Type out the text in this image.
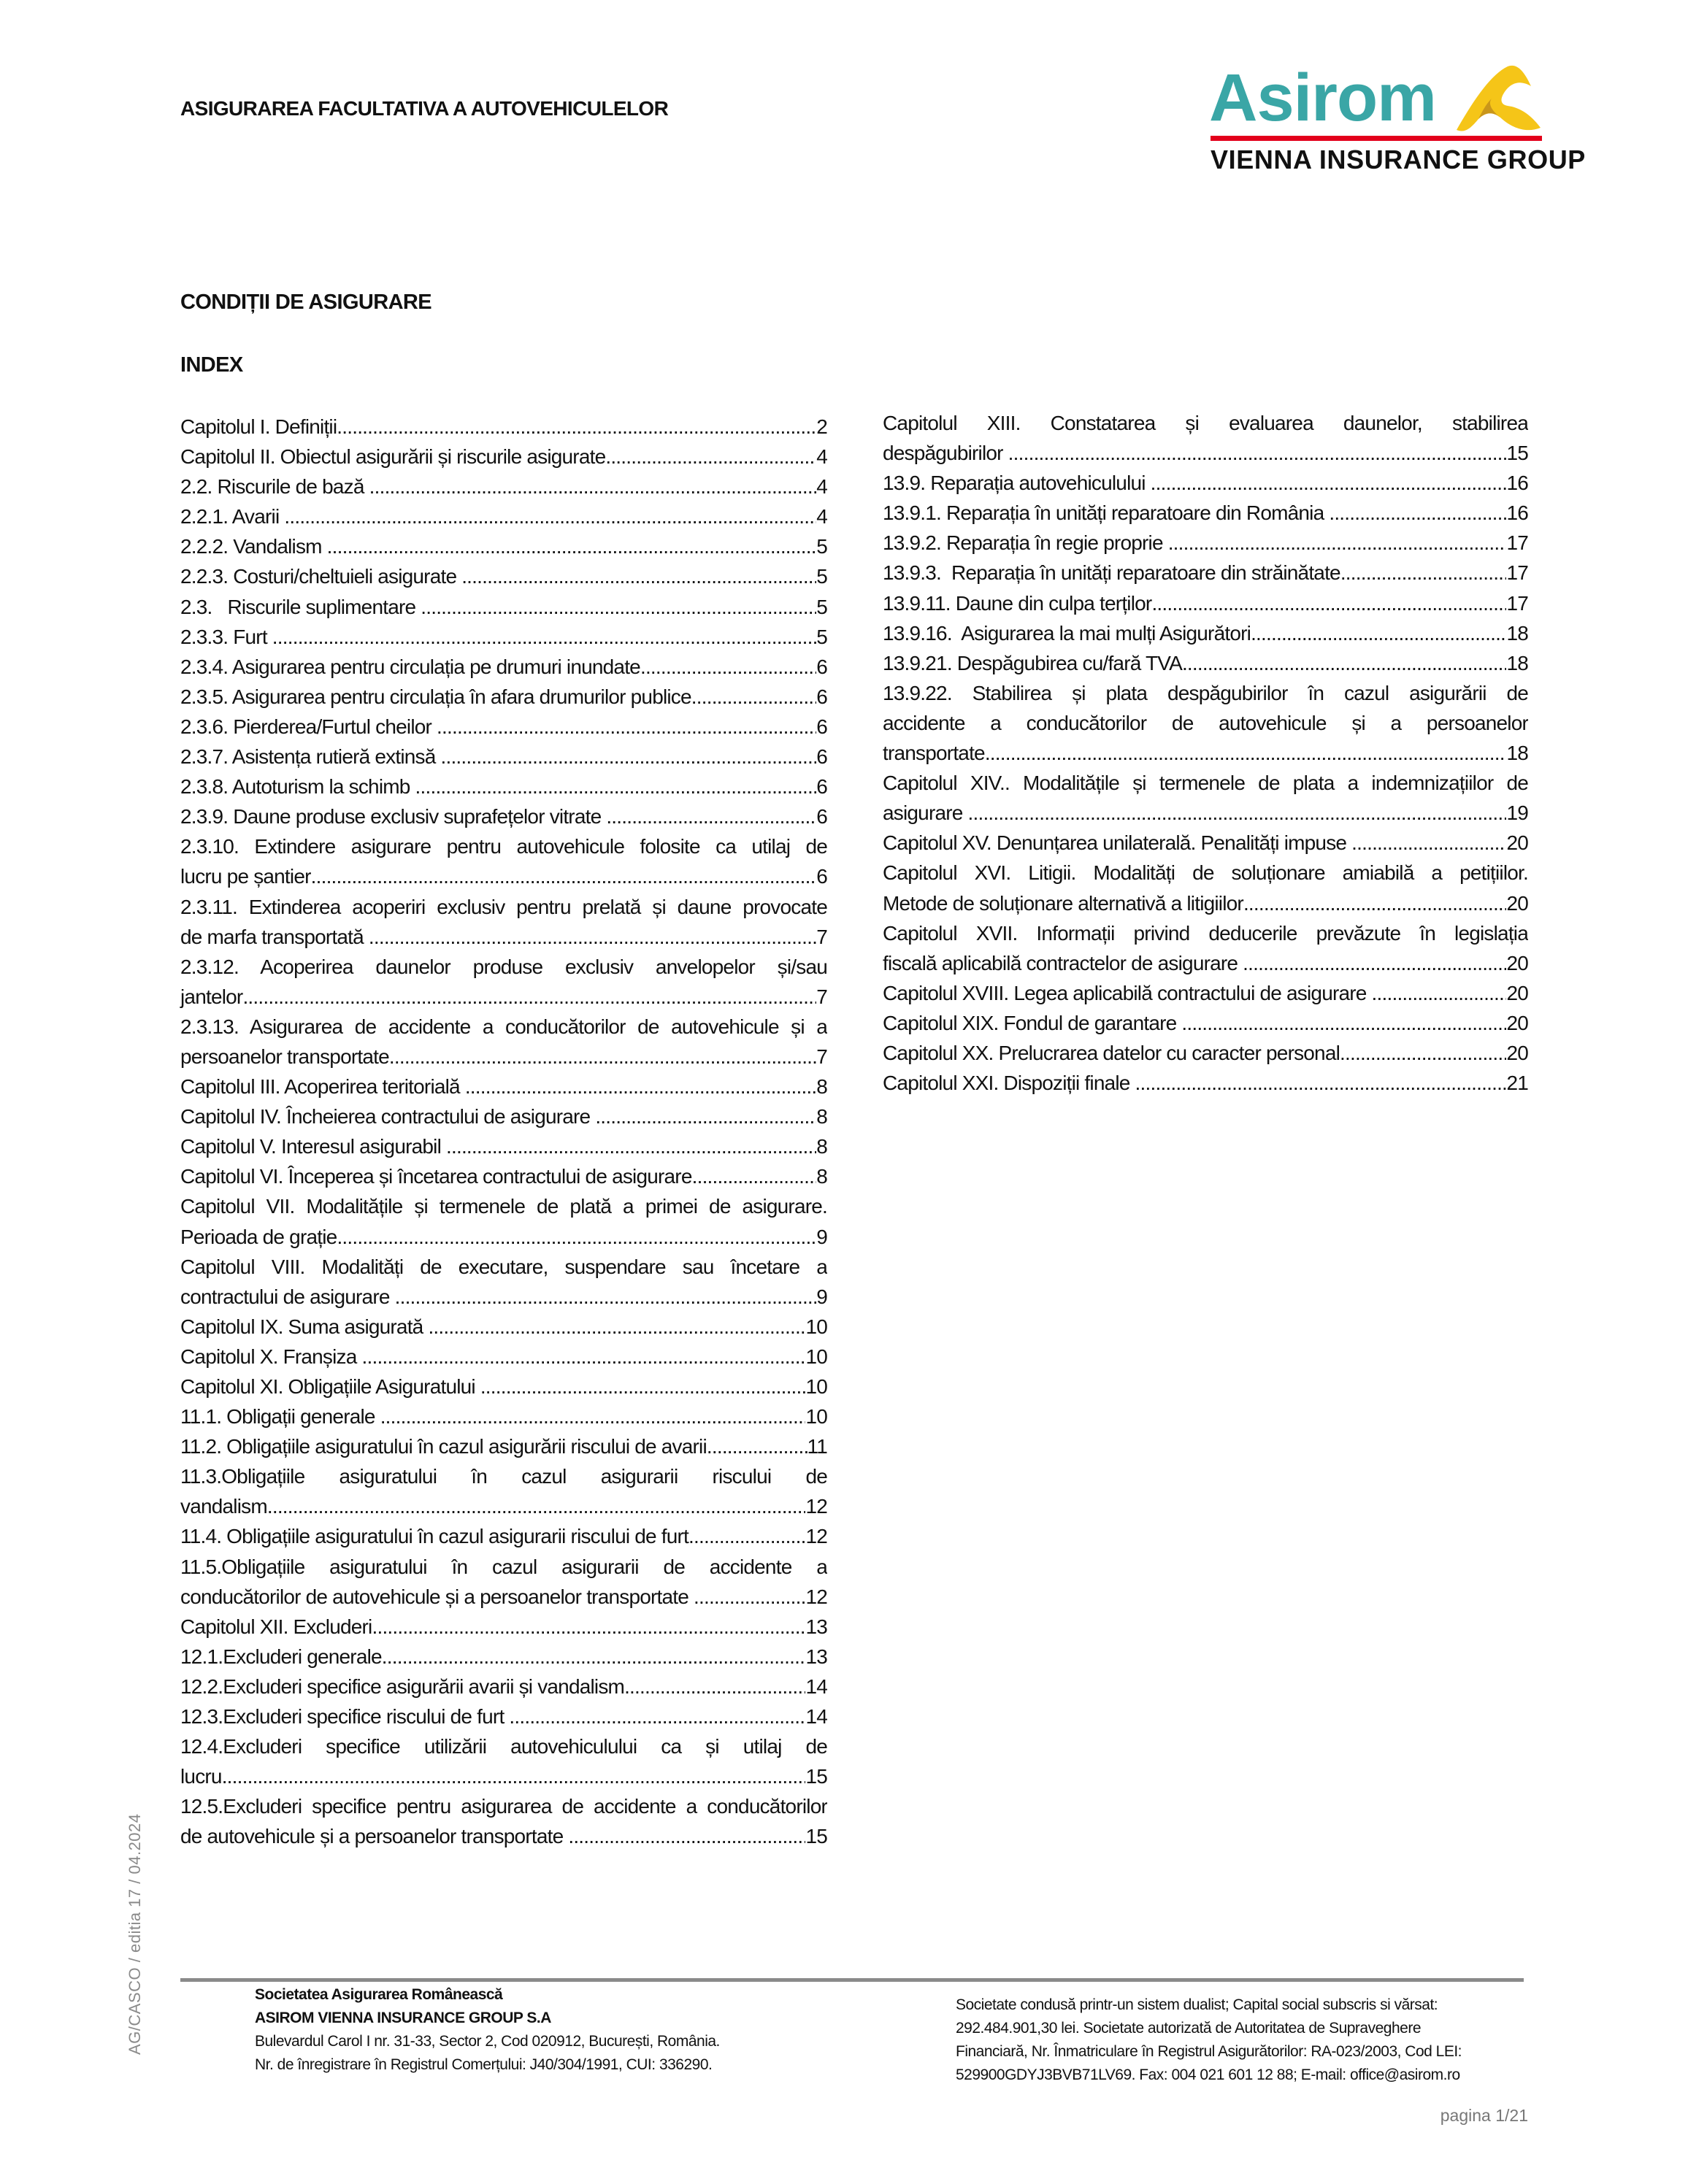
ASIGURAREA FACULTATIVA A AUTOVEHICULELOR	Asirom
VIENNA INSURANCE GROUP
CONDIȚII DE ASIGURARE
INDEX
Capitolul I. Definiții .....	2
Capitolul II. Obiectul asigurării și riscurile asigurate .....	4
2.2. Riscurile de bază .....	4
2.2.1. Avarii .....	4
2.2.2. Vandalism .....	5
2.2.3. Costuri/cheltuieli asigurate .....	5
2.3.   Riscurile suplimentare .....	5
2.3.3. Furt .....	5
2.3.4. Asigurarea pentru circulația pe drumuri inundate .....	6
2.3.5. Asigurarea pentru circulația în afara drumurilor publice .....	6
2.3.6. Pierderea/Furtul cheilor .....	6
2.3.7. Asistența rutieră extinsă .....	6
2.3.8. Autoturism la schimb .....	6
2.3.9. Daune produse exclusiv suprafețelor vitrate .....	6
2.3.10. Extindere asigurare pentru autovehicule folosite ca utilaj de
lucru pe șantier .....	6
2.3.11. Extinderea acoperiri exclusiv pentru prelată și daune provocate
de marfa transportată .....	7
2.3.12. Acoperirea daunelor produse exclusiv anvelopelor și/sau
jantelor .....	7
2.3.13. Asigurarea de accidente a conducătorilor de autovehicule și a
persoanelor transportate .....	7
Capitolul III. Acoperirea teritorială .....	8
Capitolul IV. Încheierea contractului de asigurare .....	8
Capitolul V. Interesul asigurabil .....	8
Capitolul VI. Începerea și încetarea contractului de asigurare .....	8
Capitolul VII. Modalitățile și termenele de plată a primei de asigurare.
Perioada de grație .....	9
Capitolul VIII. Modalități de executare, suspendare sau încetare a
contractului de asigurare .....	9
Capitolul IX. Suma asigurată .....	10
Capitolul X. Franșiza .....	10
Capitolul XI. Obligațiile Asiguratului .....	10
11.1. Obligații generale .....	10
11.2. Obligațiile asiguratului în cazul asigurării riscului de avarii .....	11
11.3.Obligațiile asiguratului în cazul asigurarii riscului de
vandalism .....	12
11.4. Obligațiile asiguratului în cazul asigurarii riscului de furt .....	12
11.5.Obligațiile asiguratului în cazul asigurarii de accidente a
conducătorilor de autovehicule și a persoanelor transportate .....	12
Capitolul XII. Excluderi .....	13
12.1.Excluderi generale .....	13
12.2.Excluderi specifice asigurării avarii și vandalism .....	14
12.3.Excluderi specifice riscului de furt .....	14
12.4.Excluderi specifice utilizării autovehiculului ca și utilaj de
lucru .....	15
12.5.Excluderi specifice pentru asigurarea de accidente a conducătorilor
de autovehicule și a persoanelor transportate .....	15
Capitolul XIII. Constatarea și evaluarea daunelor, stabilirea
despăgubirilor .....	15
13.9. Reparația autovehiculului .....	16
13.9.1. Reparația în unități reparatoare din România .....	16
13.9.2. Reparația în regie proprie .....	17
13.9.3.  Reparația în unități reparatoare din străinătate .....	17
13.9.11. Daune din culpa terților .....	17
13.9.16.  Asigurarea la mai mulți Asigurători .....	18
13.9.21. Despăgubirea cu/fară TVA .....	18
13.9.22. Stabilirea și plata despăgubirilor în cazul asigurării de
accidente a conducătorilor de autovehicule și a persoanelor
transportate .....	18
Capitolul XIV.. Modalitățile și termenele de plata a indemnizațiilor de
asigurare .....	19
Capitolul XV. Denunțarea unilaterală. Penalități impuse .....	20
Capitolul XVI. Litigii. Modalități de soluționare amiabilă a petițiilor.
Metode de soluționare alternativă a litigiilor .....	20
Capitolul XVII. Informații privind deducerile prevăzute în legislația
fiscală aplicabilă contractelor de asigurare .....	20
Capitolul XVIII. Legea aplicabilă contractului de asigurare .....	20
Capitolul XIX. Fondul de garantare .....	20
Capitolul XX. Prelucrarea datelor cu caracter personal .....	20
Capitolul XXI. Dispoziții finale .....	21
AG/CASCO / editia 17 / 04.2024	Societatea Asigurarea Românească
ASIROM VIENNA INSURANCE GROUP S.A
Bulevardul Carol I nr. 31-33, Sector 2, Cod 020912, București, România.
Nr. de înregistrare în Registrul Comerțului: J40/304/1991, CUI: 336290.
Societate condusă printr-un sistem dualist; Capital social subscris si vărsat:
292.484.901,30 lei. Societate autorizată de Autoritatea de Supraveghere
Financiară, Nr. Înmatriculare în Registrul Asigurătorilor: RA-023/2003, Cod LEI:
529900GDYJ3BVB71LV69. Fax: 004 021 601 12 88; E-mail: office@asirom.ro
pagina 1/21
